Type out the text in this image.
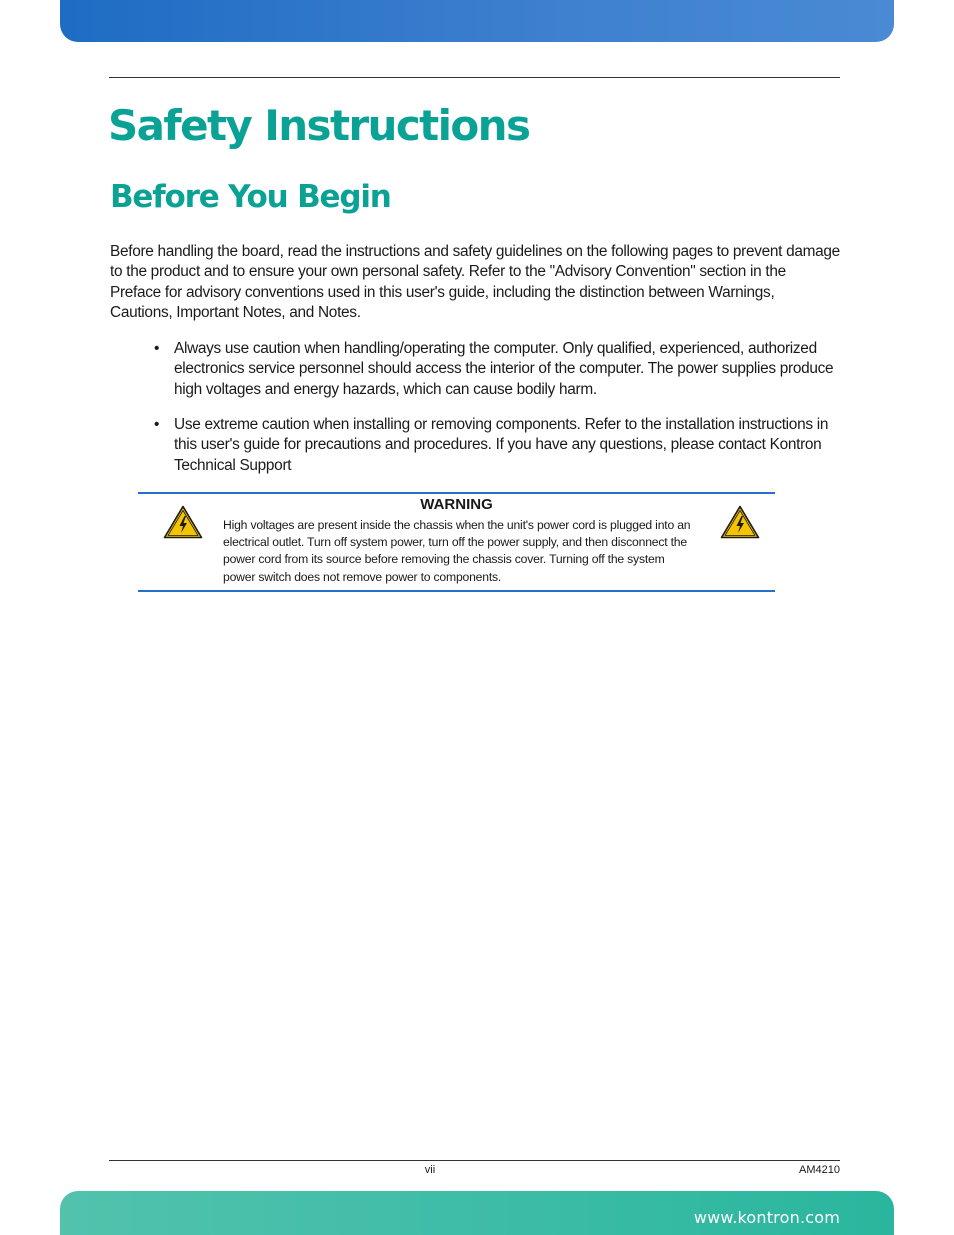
Safety Instructions
Before You Begin

Before handling the board, read the instructions and safety guidelines on the following pages to prevent damage to the product and to ensure your own personal safety. Refer to the "Advisory Convention" section in the Preface for advisory conventions used in this user's guide, including the distinction between Warnings, Cautions, Important Notes, and Notes.

• Always use caution when handling/operating the computer. Only qualified, experienced, authorized electronics service personnel should access the interior of the computer. The power supplies produce high voltages and energy hazards, which can cause bodily harm.
• Use extreme caution when installing or removing components. Refer to the installation instructions in this user's guide for precautions and procedures. If you have any questions, please contact Kontron Technical Support
WARNING

High voltages are present inside the chassis when the unit's power cord is plugged into an electrical outlet. Turn off system power, turn off the power supply, and then disconnect the power cord from its source before removing the chassis cover. Turning off the system power switch does not remove power to components.

vii	AM4210
www.kontron.com
